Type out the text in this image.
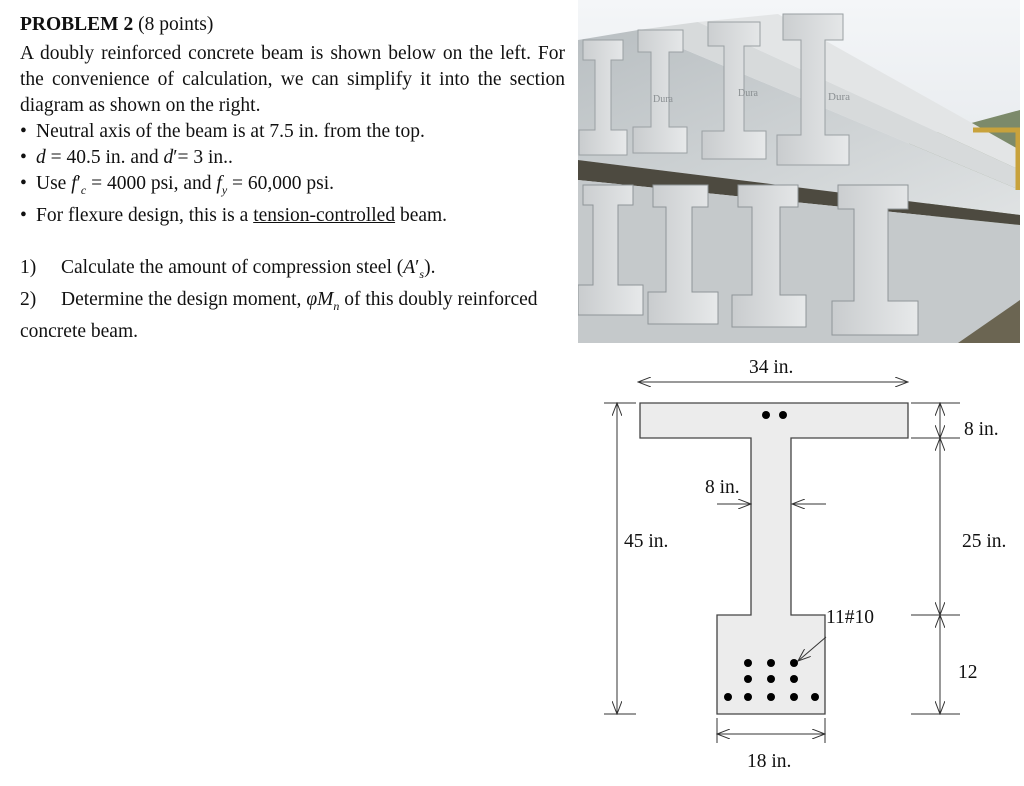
PROBLEM 2 (8 points)

A doubly reinforced concrete beam is shown below on the left. For the convenience of calculation, we can simplify it into the section diagram as shown on the right.

• Neutral axis of the beam is at 7.5 in. from the top.
• d = 40.5 in. and d′= 3 in..
• Use $f'_c = 4000$ psi, and $f_y = 60,000$ psi.
• For flexure design, this is a tension-controlled beam.
1) Calculate the amount of compression steel $(A'_s)$.
2) Determine the design moment, $\varphi M_n$ of this doubly reinforced concrete beam.
Dura
Dura	Dura
34 in.
45 in.
8 in.
8 in.
25 in.
12
11#10
18 in.
